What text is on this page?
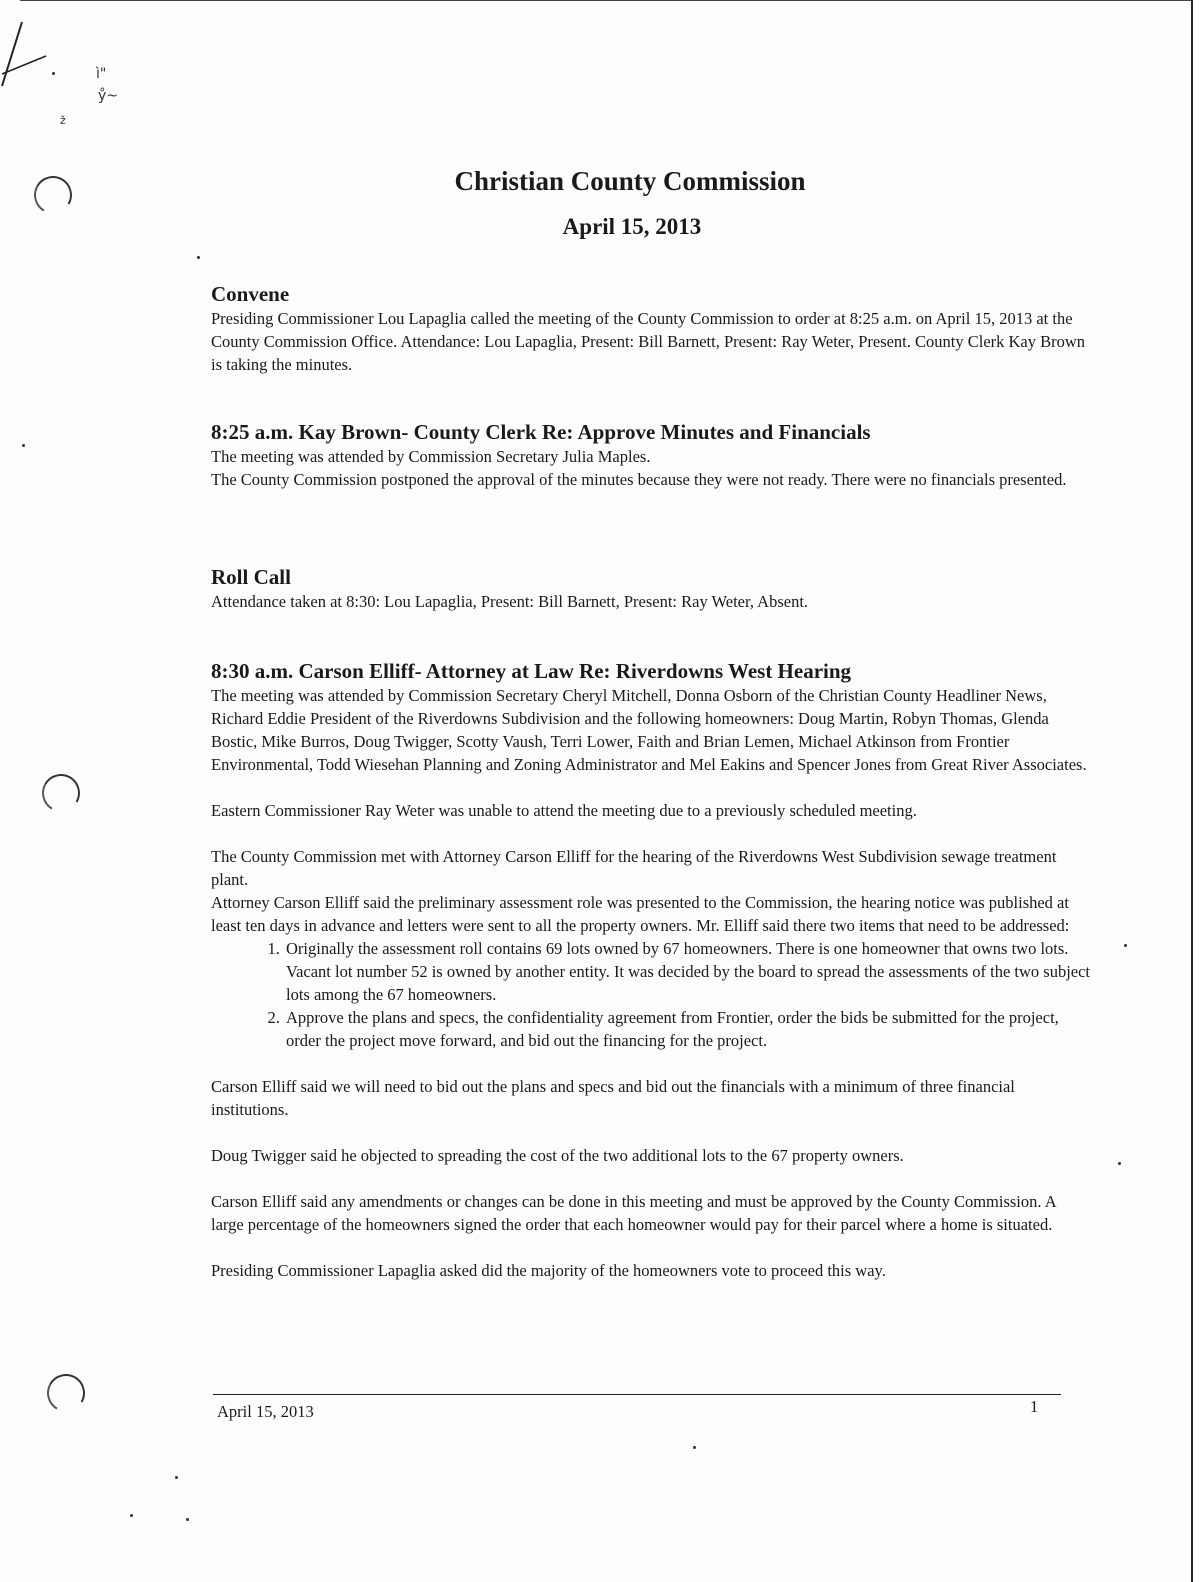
ì"
ẙ~
ž
Christian County Commission
April 15, 2013
Convene

Presiding Commissioner Lou Lapaglia called the meeting of the County Commission to order at 8:25 a.m. on April 15, 2013 at the County Commission Office. Attendance: Lou Lapaglia, Present: Bill Barnett, Present: Ray Weter, Present. County Clerk Kay Brown is taking the minutes.

8:25 a.m. Kay Brown- County Clerk Re: Approve Minutes and Financials

The meeting was attended by Commission Secretary Julia Maples.

The County Commission postponed the approval of the minutes because they were not ready. There were no financials presented.

Roll Call

Attendance taken at 8:30: Lou Lapaglia, Present: Bill Barnett, Present: Ray Weter, Absent.

8:30 a.m. Carson Elliff- Attorney at Law Re: Riverdowns West Hearing

The meeting was attended by Commission Secretary Cheryl Mitchell, Donna Osborn of the Christian County Headliner News, Richard Eddie President of the Riverdowns Subdivision and the following homeowners: Doug Martin, Robyn Thomas, Glenda Bostic, Mike Burros, Doug Twigger, Scotty Vaush, Terri Lower, Faith and Brian Lemen, Michael Atkinson from Frontier Environmental, Todd Wiesehan Planning and Zoning Administrator and Mel Eakins and Spencer Jones from Great River Associates.

Eastern Commissioner Ray Weter was unable to attend the meeting due to a previously scheduled meeting.

The County Commission met with Attorney Carson Elliff for the hearing of the Riverdowns West Subdivision sewage treatment plant.

Attorney Carson Elliff said the preliminary assessment role was presented to the Commission, the hearing notice was published at least ten days in advance and letters were sent to all the property owners. Mr. Elliff said there two items that need to be addressed:

1. Originally the assessment roll contains 69 lots owned by 67 homeowners. There is one homeowner that owns two lots. Vacant lot number 52 is owned by another entity. It was decided by the board to spread the assessments of the two subject lots among the 67 homeowners.
2. Approve the plans and specs, the confidentiality agreement from Frontier, order the bids be submitted for the project, order the project move forward, and bid out the financing for the project.

Carson Elliff said we will need to bid out the plans and specs and bid out the financials with a minimum of three financial institutions.

Doug Twigger said he objected to spreading the cost of the two additional lots to the 67 property owners.

Carson Elliff said any amendments or changes can be done in this meeting and must be approved by the County Commission. A large percentage of the homeowners signed the order that each homeowner would pay for their parcel where a home is situated.

Presiding Commissioner Lapaglia asked did the majority of the homeowners vote to proceed this way.

April 15, 2013	1
